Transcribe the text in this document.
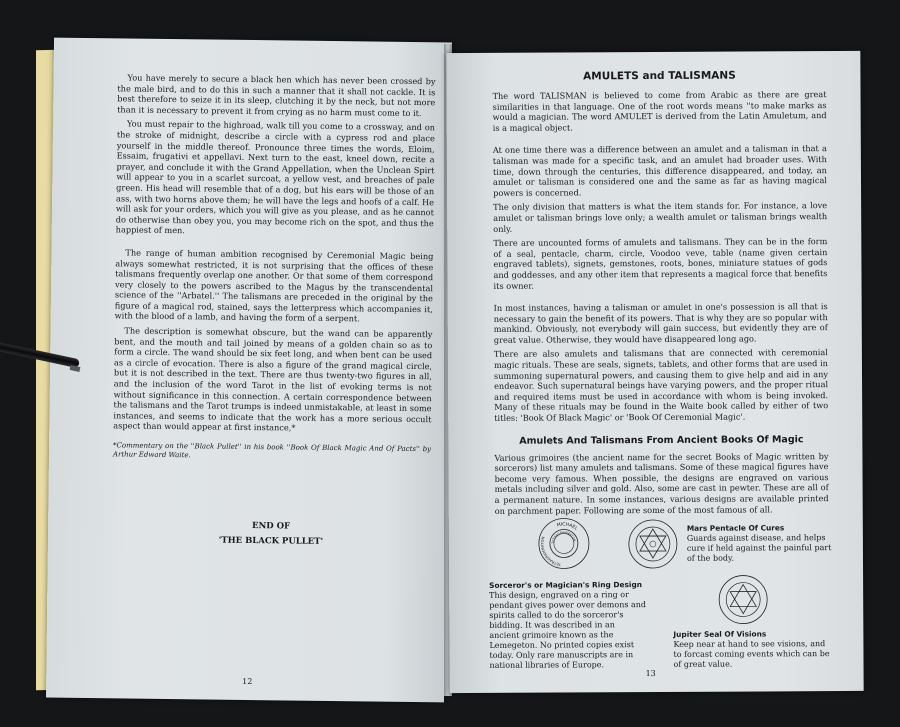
You have merely to secure a black hen which has never been crossed by the male bird, and to do this in such a manner that it shall not cackle. It is best therefore to seize it in its sleep, clutching it by the neck, but not more than it is necessary to prevent it from crying as no harm must come to it.

You must repair to the highroad, walk till you come to a crossway, and on the stroke of midnight, describe a circle with a cypress rod and place yourself in the middle thereof. Pronounce three times the words, Eloim, Essaim, frugativi et appellavi. Next turn to the east, kneel down, recite a prayer, and conclude it with the Grand Appellation, when the Unclean Spirt will appear to you in a scarlet surcoat, a yellow vest, and breaches of pale green. His head will resemble that of a dog, but his ears will be those of an ass, with two horns above them; he will have the legs and hoofs of a calf. He will ask for your orders, which you will give as you please, and as he cannot do otherwise than obey you, you may become rich on the spot, and thus the happiest of men.

The range of human ambition recognised by Ceremonial Magic being always somewhat restricted, it is not surprising that the offices of these talismans frequently overlap one another. Or that some of them correspond very closely to the powers ascribed to the Magus by the transcendental science of the ''Arbatel.'' The talismans are preceded in the original by the figure of a magical rod, stained, says the letterpress which accompanies it, with the blood of a lamb, and having the form of a serpent.

The description is somewhat obscure, but the wand can be apparently bent, and the mouth and tail joined by means of a golden chain so as to form a circle. The wand should be six feet long, and when bent can be used as a circle of evocation. There is also a figure of the grand magical circle, but it is not described in the text. There are thus twenty-two figures in all, and the inclusion of the word Tarot in the list of evoking terms is not without significance in this connection. A certain correspondence between the talismans and the Tarot trumps is indeed unmistakable, at least in some instances, and seems to indicate that the work has a more serious occult aspect than would appear at first instance,*

*Commentary on the ''Black Pullet'' in his book ''Book Of Black Magic And Of Pacts'' by Arthur Edward Waite.

END OF
'THE BLACK PULLET'
12
AMULETS and TALISMANS

The word TALISMAN is believed to come from Arabic as there are great similarities in that language. One of the root words means ''to make marks as would a magician. The word AMULET is derived from the Latin Amuletum, and is a magical object.

At one time there was a difference between an amulet and a talisman in that a talisman was made for a specific task, and an amulet had broader uses. With time, down through the centuries, this difference disappeared, and today, an amulet or talisman is considered one and the same as far as having magical powers is concerned.

The only division that matters is what the item stands for. For instance, a love amulet or talisman brings love only; a wealth amulet or talisman brings wealth only.

There are uncounted forms of amulets and talismans. They can be in the form of a seal, pentacle, charm, circle, Voodoo veve, table (name given certain engraved tablets), signets, gemstones, roots, bones, miniature statues of gods and goddesses, and any other item that represents a magical force that benefits its owner.

In most instances, having a talisman or amulet in one's possession is all that is necessary to gain the benefit of its powers. That is why they are so popular with mankind. Obviously, not everybody will gain success, but evidently they are of great value. Otherwise, they would have disappeared long ago.

There are also amulets and talismans that are connected with ceremonial magic rituals. These are seals, signets, tablets, and other forms that are used in summoning supernatural powers, and causing them to give help and aid in any endeavor. Such supernatural beings have varying powers, and the proper ritual and required items must be used in accordance with whom is being invoked. Many of these rituals may be found in the Waite book called by either of two titles: 'Book Of Black Magic' or 'Book Of Ceremonial Magic'.

Amulets And Talismans From Ancient Books Of Magic

Various grimoires (the ancient name for the secret Books of Magic written by sorcerors) list many amulets and talismans. Some of these magical figures have become very famous. When possible, the designs are engraved on various metals including silver and gold. Also, some are cast in pewter. These are all of a permanent nature. In some instances, various designs are available printed on parchment paper. Following are some of the most famous of all.

MICHAEL
TETRAGRAMMATON
TETRAGRAMMATON
Mars Pentacle Of Cures
Guards against disease, and helps cure if held against the painful part of the body.
Sorceror's or Magician's Ring Design
This design, engraved on a ring or pendant gives power over demons and spirits called to do the sorceror's bidding. It was described in an ancient grimoire known as the Lemegeton. No printed copies exist today. Only rare manuscripts are in national libraries of Europe.
Jupiter Seal Of Visions
Keep near at hand to see visions, and to forcast coming events which can be of great value.
13
